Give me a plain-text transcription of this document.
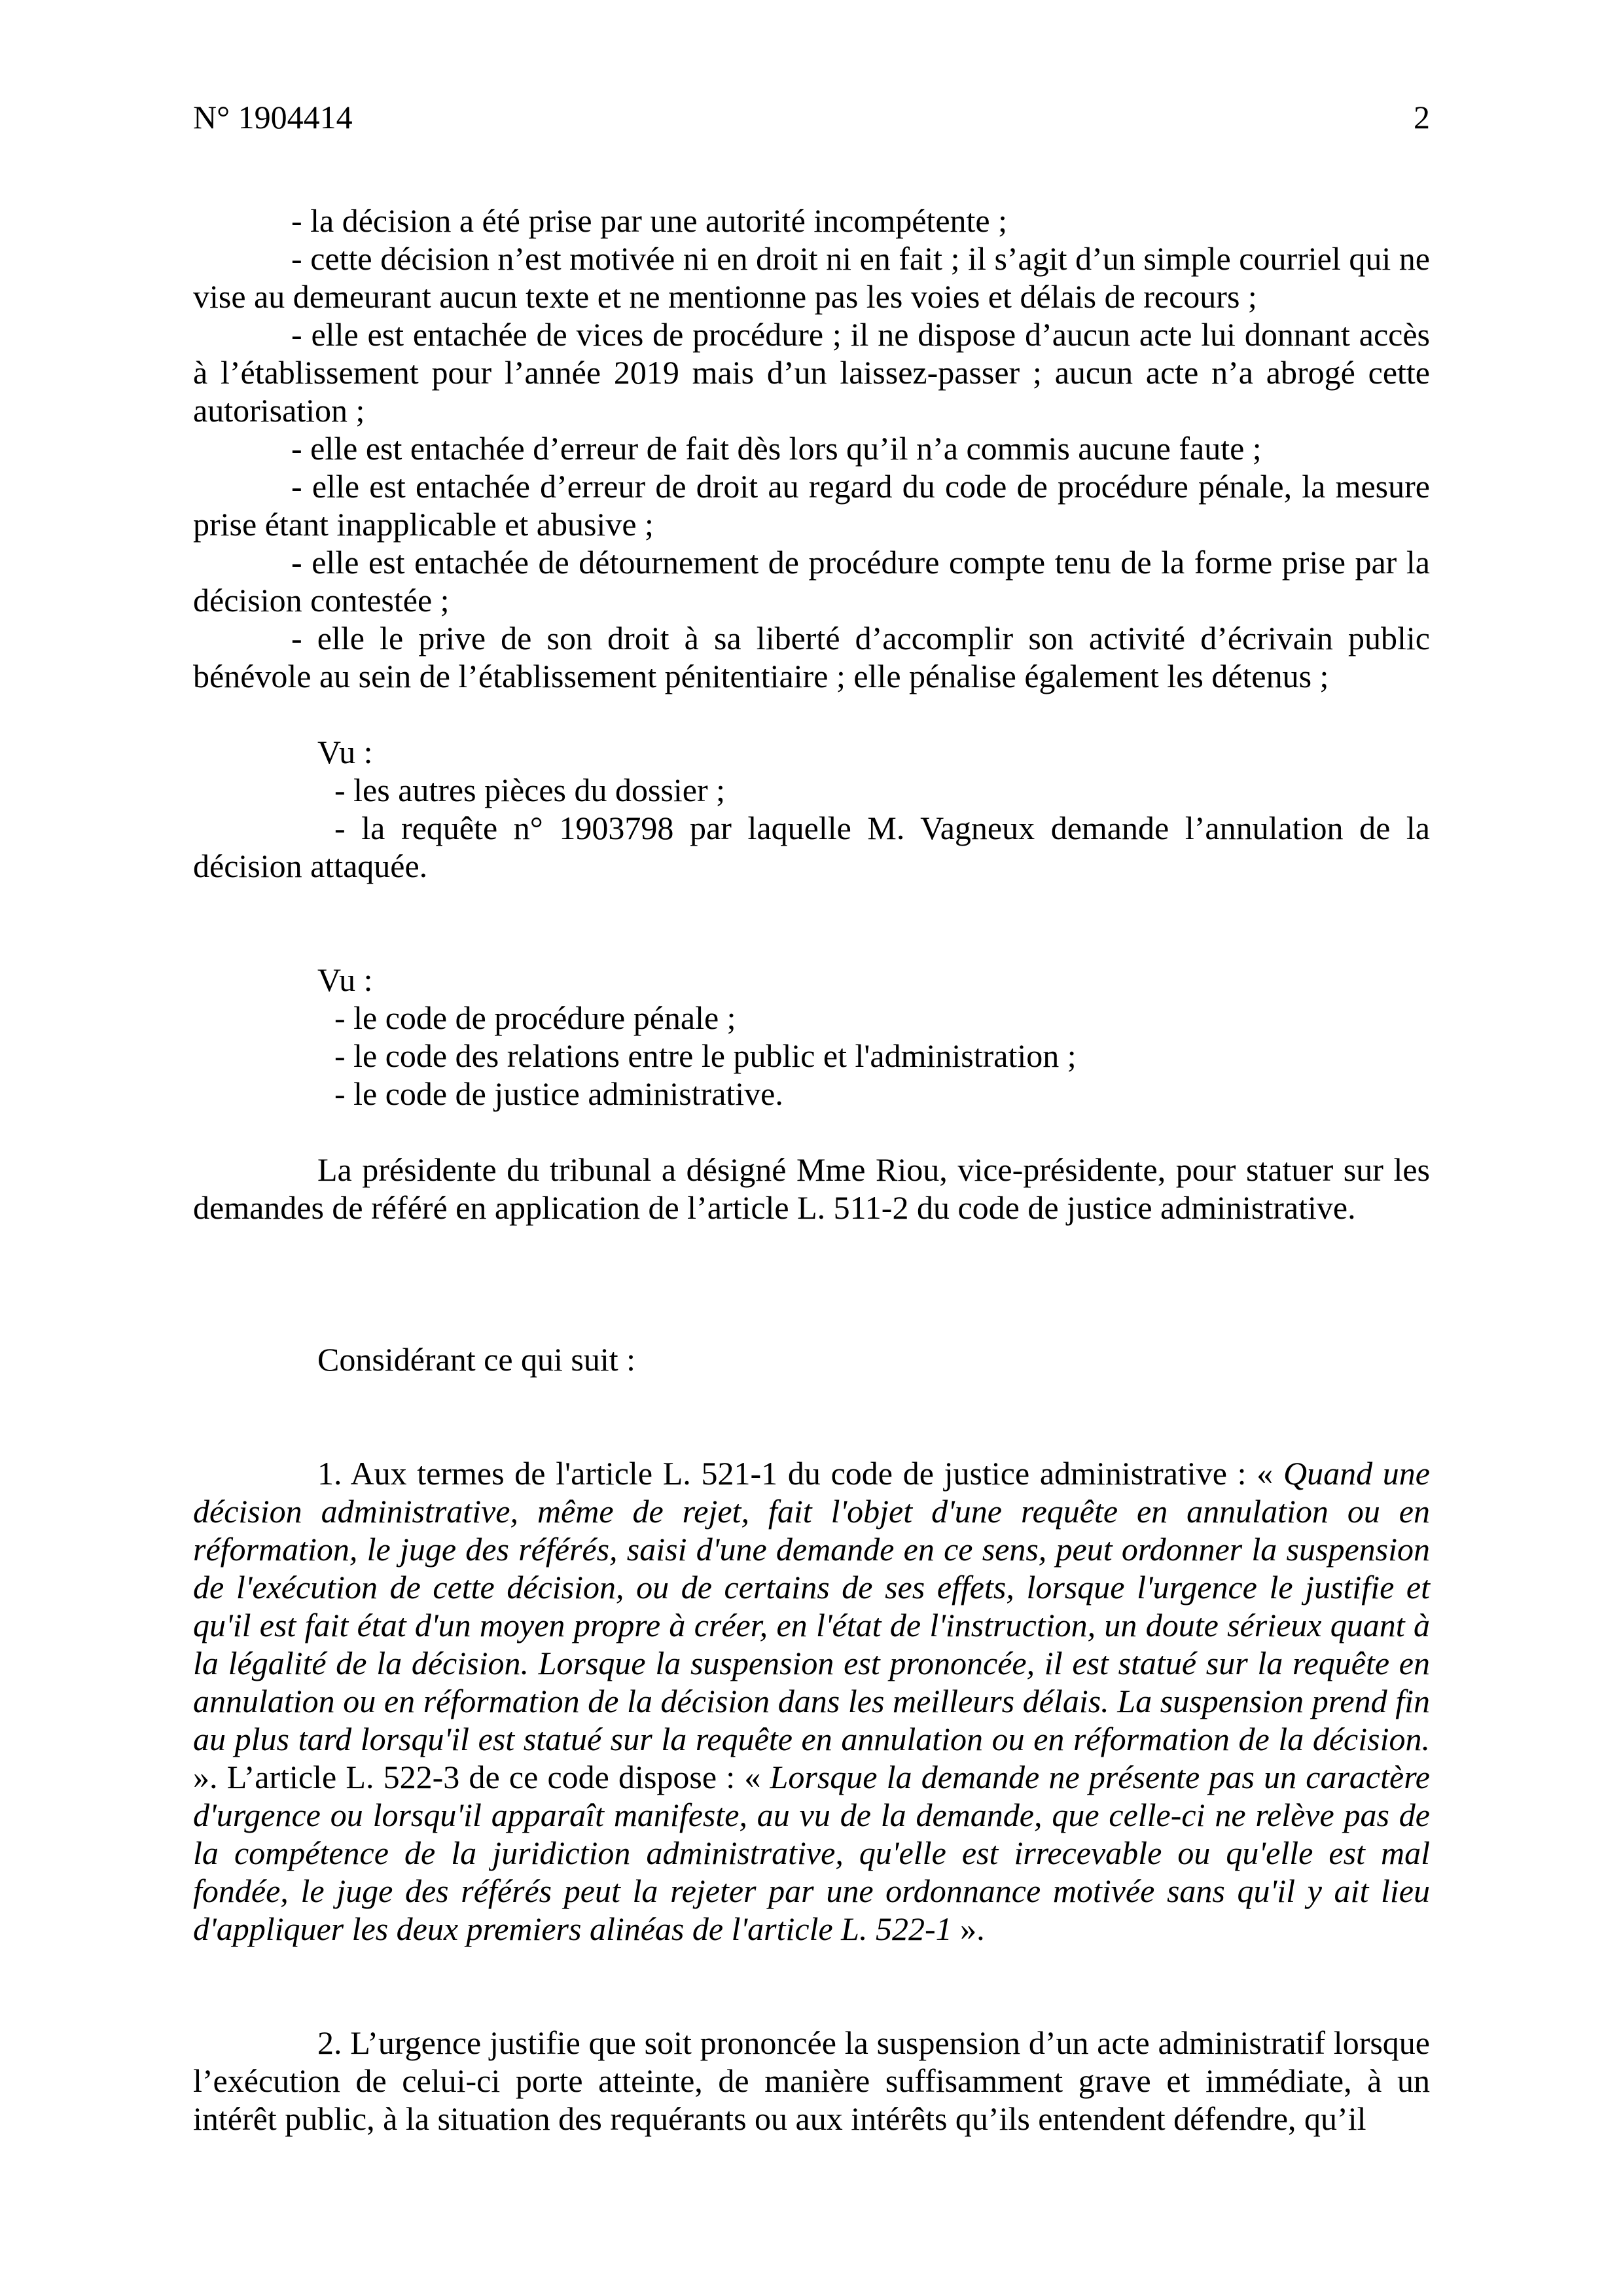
N° 1904414	2

- la décision a été prise par une autorité incompétente ;

- cette décision n’est motivée ni en droit ni en fait ; il s’agit d’un simple courriel qui ne vise au demeurant aucun texte et ne mentionne pas les voies et délais de recours ;

- elle est entachée de vices de procédure ; il ne dispose d’aucun acte lui donnant accès à l’établissement pour l’année 2019 mais d’un laissez-passer ; aucun acte n’a abrogé cette autorisation ;

- elle est entachée d’erreur de fait dès lors qu’il n’a commis aucune faute ;

- elle est entachée d’erreur de droit au regard du code de procédure pénale, la mesure prise étant inapplicable et abusive ;

- elle est entachée de détournement de procédure compte tenu de la forme prise par la décision contestée ;

- elle le prive de son droit à sa liberté d’accomplir son activité d’écrivain public bénévole au sein de l’établissement pénitentiaire ; elle pénalise également les détenus ;

Vu :

- les autres pièces du dossier ;

- la requête n° 1903798 par laquelle M. Vagneux demande l’annulation de la décision attaquée.

Vu :

- le code de procédure pénale ;

- le code des relations entre le public et l'administration ;

- le code de justice administrative.

La présidente du tribunal a désigné Mme Riou, vice-présidente, pour statuer sur les demandes de référé en application de l’article L. 511-2 du code de justice administrative.

Considérant ce qui suit :

1. Aux termes de l'article L. 521-1 du code de justice administrative : « Quand une décision administrative, même de rejet, fait l'objet d'une requête en annulation ou en réformation, le juge des référés, saisi d'une demande en ce sens, peut ordonner la suspension de l'exécution de cette décision, ou de certains de ses effets, lorsque l'urgence le justifie et qu'il est fait état d'un moyen propre à créer, en l'état de l'instruction, un doute sérieux quant à la légalité de la décision. Lorsque la suspension est prononcée, il est statué sur la requête en annulation ou en réformation de la décision dans les meilleurs délais. La suspension prend fin au plus tard lorsqu'il est statué sur la requête en annulation ou en réformation de la décision. ». L’article L. 522-3 de ce code dispose : « Lorsque la demande ne présente pas un caractère d'urgence ou lorsqu'il apparaît manifeste, au vu de la demande, que celle-ci ne relève pas de la compétence de la juridiction administrative, qu'elle est irrecevable ou qu'elle est mal fondée, le juge des référés peut la rejeter par une ordonnance motivée sans qu'il y ait lieu d'appliquer les deux premiers alinéas de l'article L. 522-1 ».

2. L’urgence justifie que soit prononcée la suspension d’un acte administratif lorsque l’exécution de celui-ci porte atteinte, de manière suffisamment grave et immédiate, à un intérêt public, à la situation des requérants ou aux intérêts qu’ils entendent défendre, qu’il
